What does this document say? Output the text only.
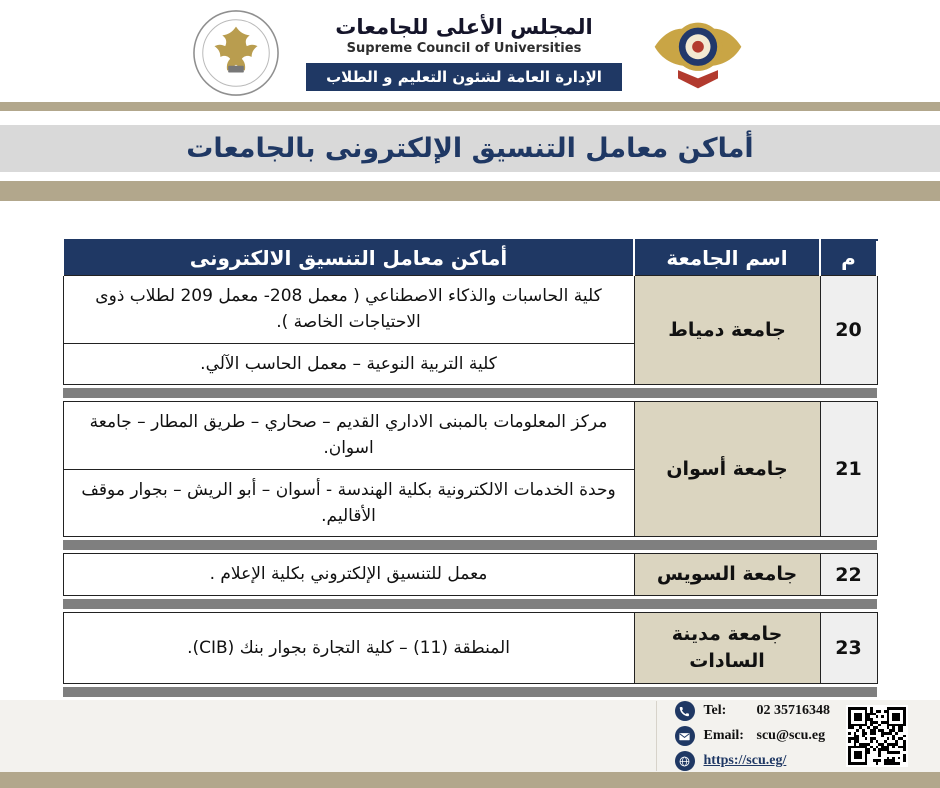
المجلس الأعلى للجامعات
Supreme Council of Universities
الإدارة العامة لشئون التعليم و الطلاب
أماكن معامل التنسيق الإلكترونى بالجامعات
م	اسم الجامعة	أماكن معامل التنسيق الالكترونى
20	جامعة دمياط	كلية الحاسبات والذكاء الاصطناعي ( معمل 208- معمل 209 لطلاب ذوى الاحتياجات الخاصة ).
		كلية التربية النوعية – معمل الحاسب الآلي.

21	جامعة أسوان	مركز المعلومات بالمبنى الاداري القديم – صحاري – طريق المطار – جامعة اسوان.
		وحدة الخدمات الالكترونية بكلية الهندسة - أسوان – أبو الريش – بجوار موقف الأقاليم.

22	جامعة السويس	معمل للتنسيق الإلكتروني بكلية الإعلام .

23	جامعة مدينة السادات	المنطقة (11) – كلية التجارة بجوار بنك (CIB).

Tel:	02 35716348
Email: scu@scu.eg
https://scu.eg/
